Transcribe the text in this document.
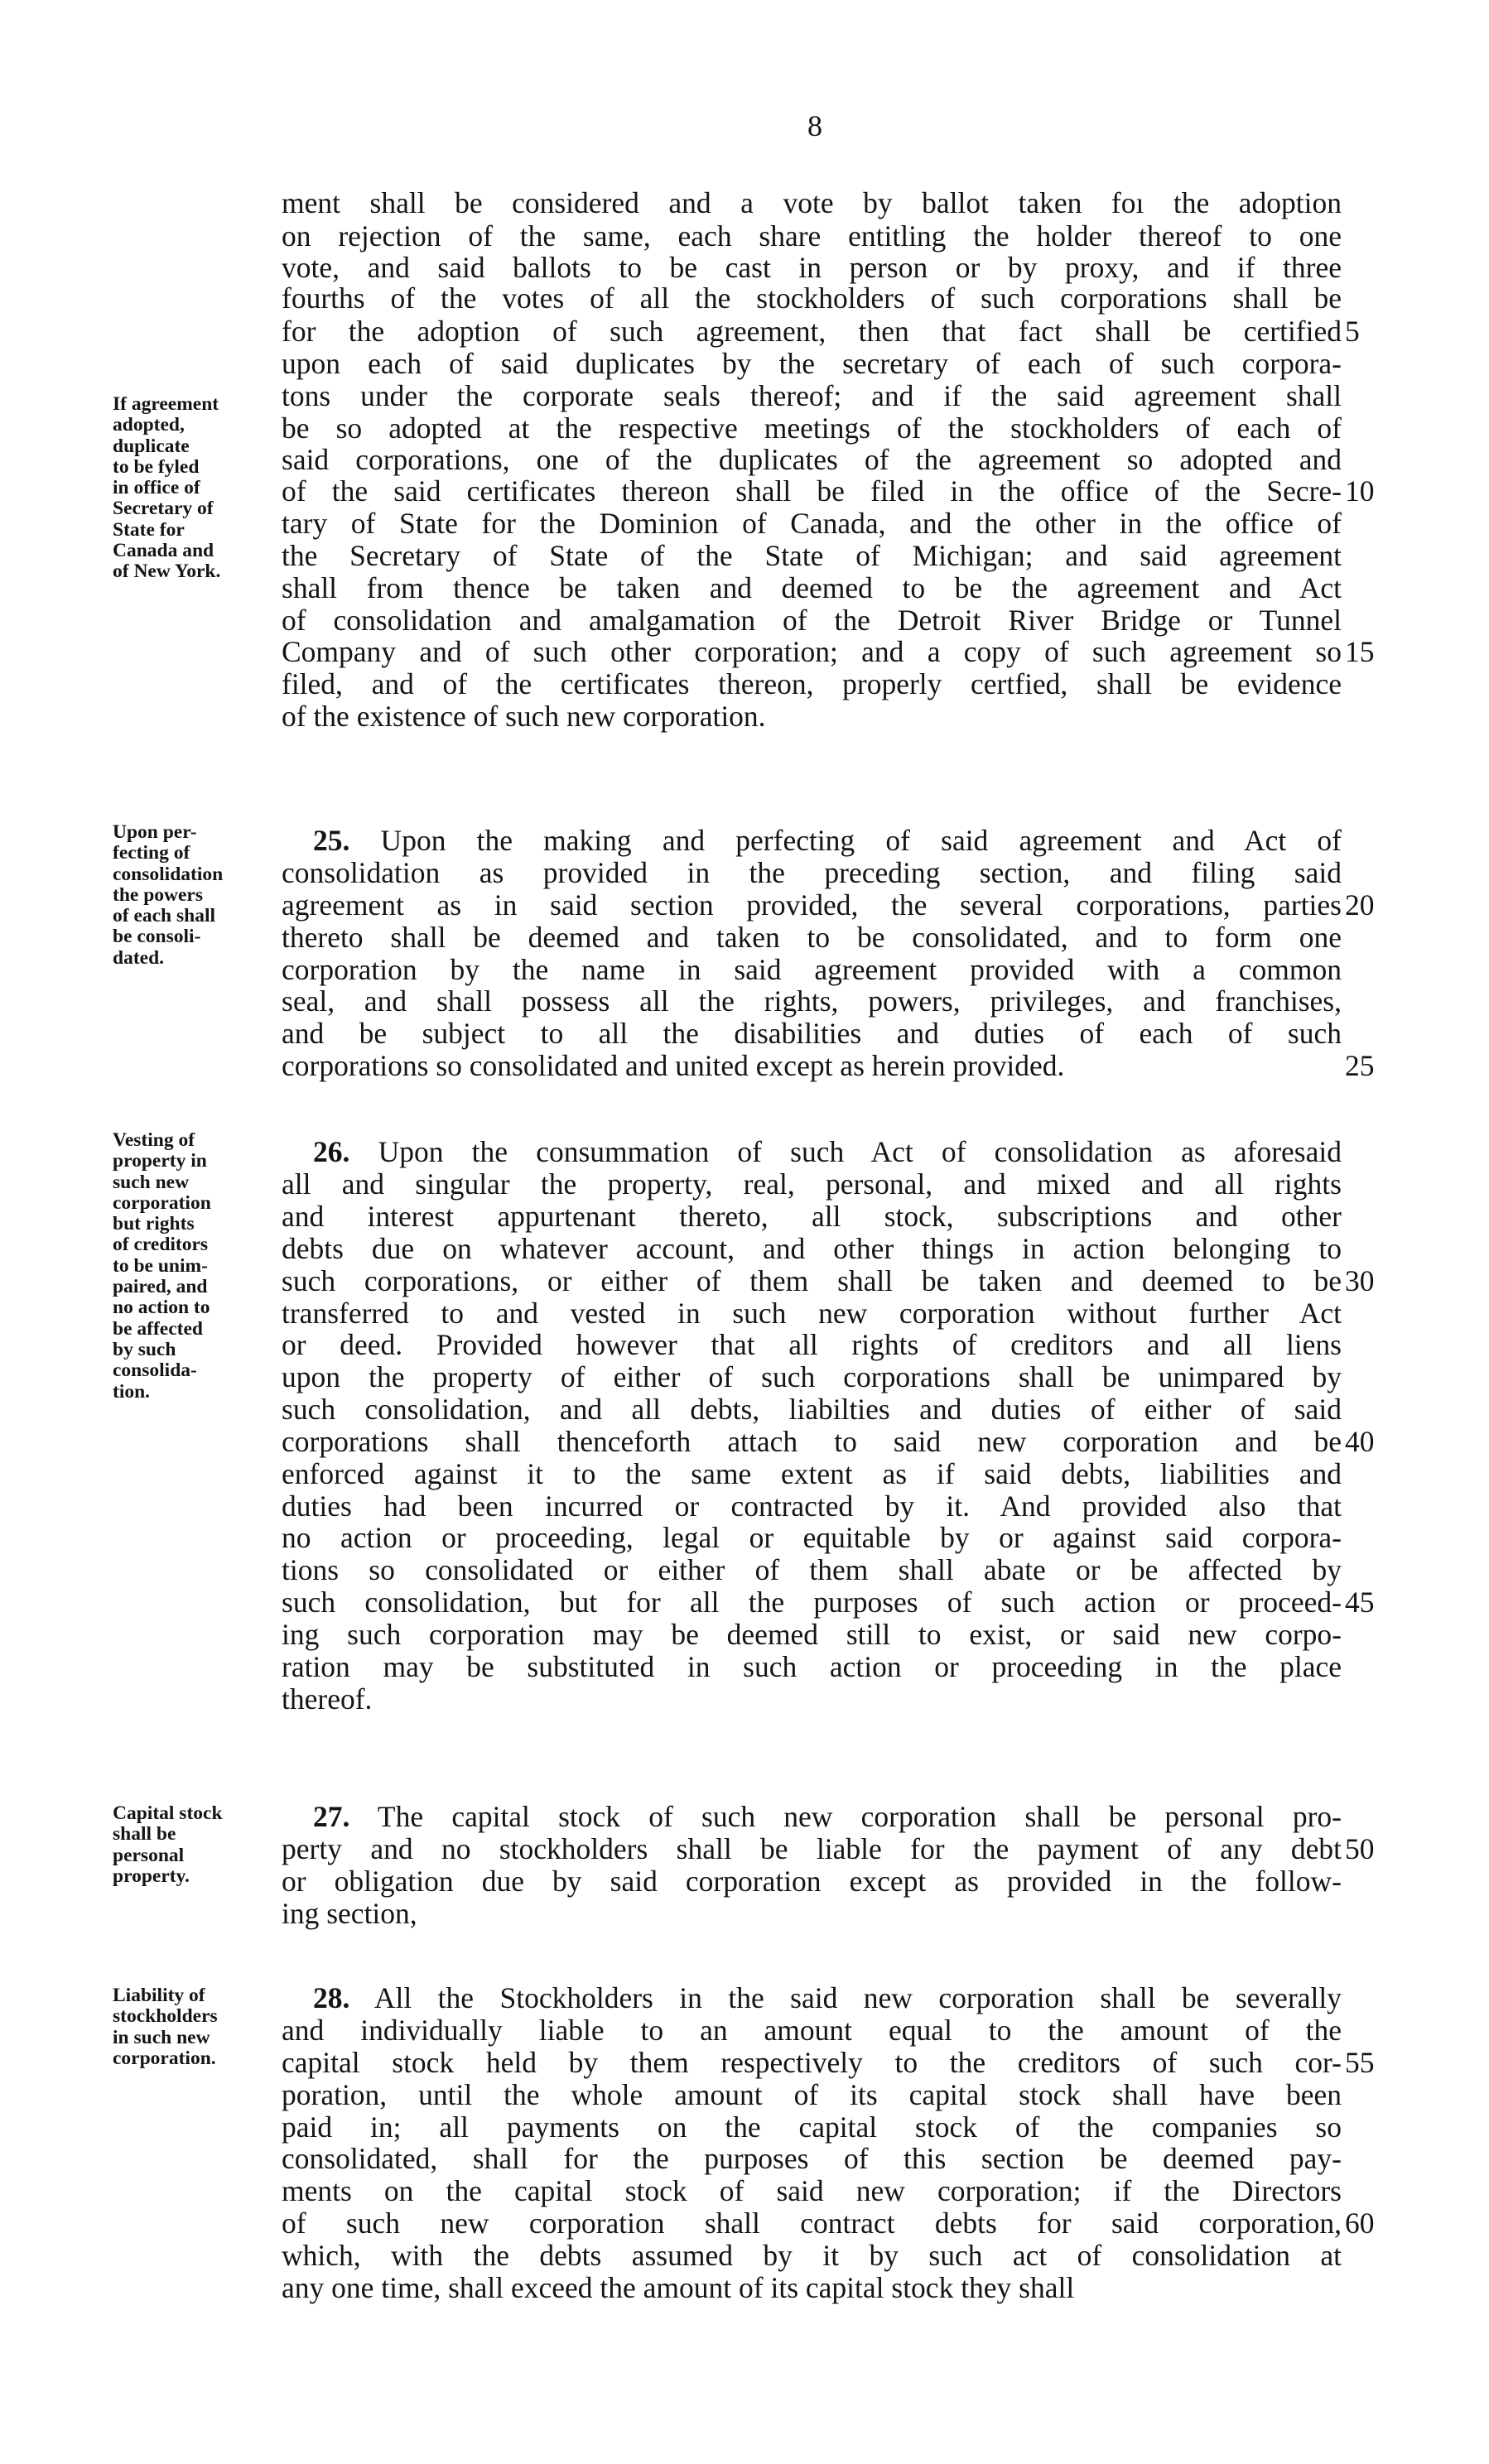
8
If agreement
adopted,
duplicate
to be fyled
in office of
Secretary of
State for
Canada and
of New York.
Upon per-
fecting of
consolidation
the powers
of each shall
be consoli-
dated.
Vesting of
property in
such new
corporation
but rights
of creditors
to be unim-
paired, and
no action to
be affected
by such
consolida-
tion.
Capital stock
shall be
personal
property.
Liability of
stockholders
in such new
corporation.
ment shall be considered and a vote by ballot taken foı the adoption
on rejection of the same, each share entitling the holder thereof to one
vote, and said ballots to be cast in person or by proxy, and if three
fourths of the votes of all the stockholders of such corporations shall be
for the adoption of such agreement, then that fact shall be certified 5
upon each of said duplicates by the secretary of each of such corpora-
tons under the corporate seals thereof; and if the said agreement shall
be so adopted at the respective meetings of the stockholders of each of
said corporations, one of the duplicates of the agreement so adopted and
of the said certificates thereon shall be filed in the office of the Secre- 10
tary of State for the Dominion of Canada, and the other in the office of
the Secretary of State of the State of Michigan; and said agreement
shall from thence be taken and deemed to be the agreement and Act
of consolidation and amalgamation of the Detroit River Bridge or Tunnel
Company and of such other corporation; and a copy of such agreement so 15
filed, and of the certificates thereon, properly certfied, shall be evidence
of the existence of such new corporation.
25. Upon the making and perfecting of said agreement and Act of
consolidation as provided in the preceding section, and filing said
agreement as in said section provided, the several corporations, parties 20
thereto shall be deemed and taken to be consolidated, and to form one
corporation by the name in said agreement provided with a common
seal, and shall possess all the rights, powers, privileges, and franchises,
and be subject to all the disabilities and duties of each of such
corporations so consolidated and united except as herein provided.	25
26. Upon the consummation of such Act of consolidation as aforesaid
all and singular the property, real, personal, and mixed and all rights
and interest appurtenant thereto, all stock, subscriptions and other
debts due on whatever account, and other things in action belonging to
such corporations, or either of them shall be taken and deemed to be 30
transferred to and vested in such new corporation without further Act
or deed. Provided however that all rights of creditors and all liens
upon the property of either of such corporations shall be unimpared by
such consolidation, and all debts, liabilties and duties of either of said
corporations shall thenceforth attach to said new corporation and be 40
enforced against it to the same extent as if said debts, liabilities and
duties had been incurred or contracted by it. And provided also that
no action or proceeding, legal or equitable by or against said corpora-
tions so consolidated or either of them shall abate or be affected by
such consolidation, but for all the purposes of such action or proceed- 45
ing such corporation may be deemed still to exist, or said new corpo-
ration may be substituted in such action or proceeding in the place
thereof.
27. The capital stock of such new corporation shall be personal pro-
perty and no stockholders shall be liable for the payment of any debt 50
or obligation due by said corporation except as provided in the follow-
ing section,
28. All the Stockholders in the said new corporation shall be severally
and individually liable to an amount equal to the amount of the
capital stock held by them respectively to the creditors of such cor- 55
poration, until the whole amount of its capital stock shall have been
paid in; all payments on the capital stock of the companies so
consolidated, shall for the purposes of this section be deemed pay-
ments on the capital stock of said new corporation; if the Directors
of such new corporation shall contract debts for said corporation, 60
which, with the debts assumed by it by such act of consolidation at
any one time, shall exceed the amount of its capital stock they shall
